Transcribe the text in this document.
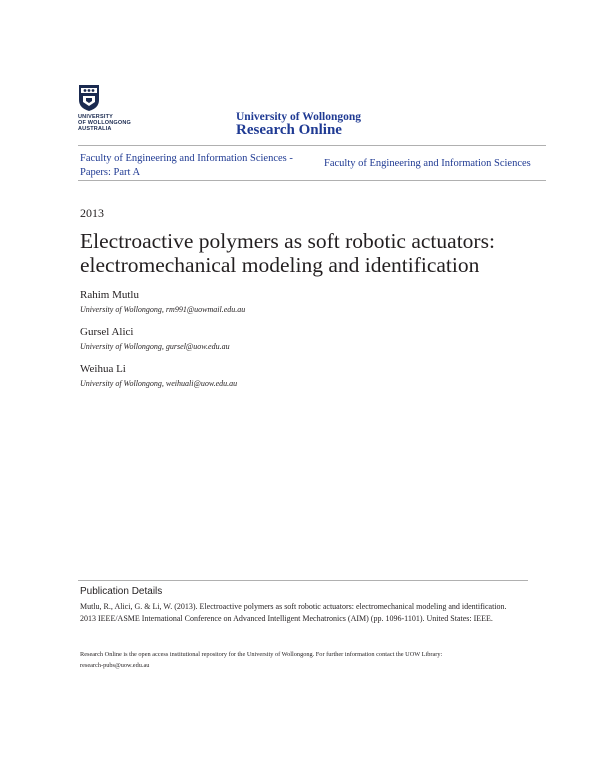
UNIVERSITY
OF WOLLONGONG
AUSTRALIA
University of Wollongong
Research Online
Faculty of Engineering and Information Sciences - Papers: Part A
Faculty of Engineering and Information Sciences
2013
Electroactive polymers as soft robotic actuators:
electromechanical modeling and identification
Rahim Mutlu
University of Wollongong, rm991@uowmail.edu.au
Gursel Alici
University of Wollongong, gursel@uow.edu.au
Weihua Li
University of Wollongong, weihuali@uow.edu.au
Publication Details
Mutlu, R., Alici, G. & Li, W. (2013). Electroactive polymers as soft robotic actuators: electromechanical modeling and identification.
2013 IEEE/ASME International Conference on Advanced Intelligent Mechatronics (AIM) (pp. 1096-1101). United States: IEEE.
Research Online is the open access institutional repository for the University of Wollongong. For further information contact the UOW Library:
research-pubs@uow.edu.au
